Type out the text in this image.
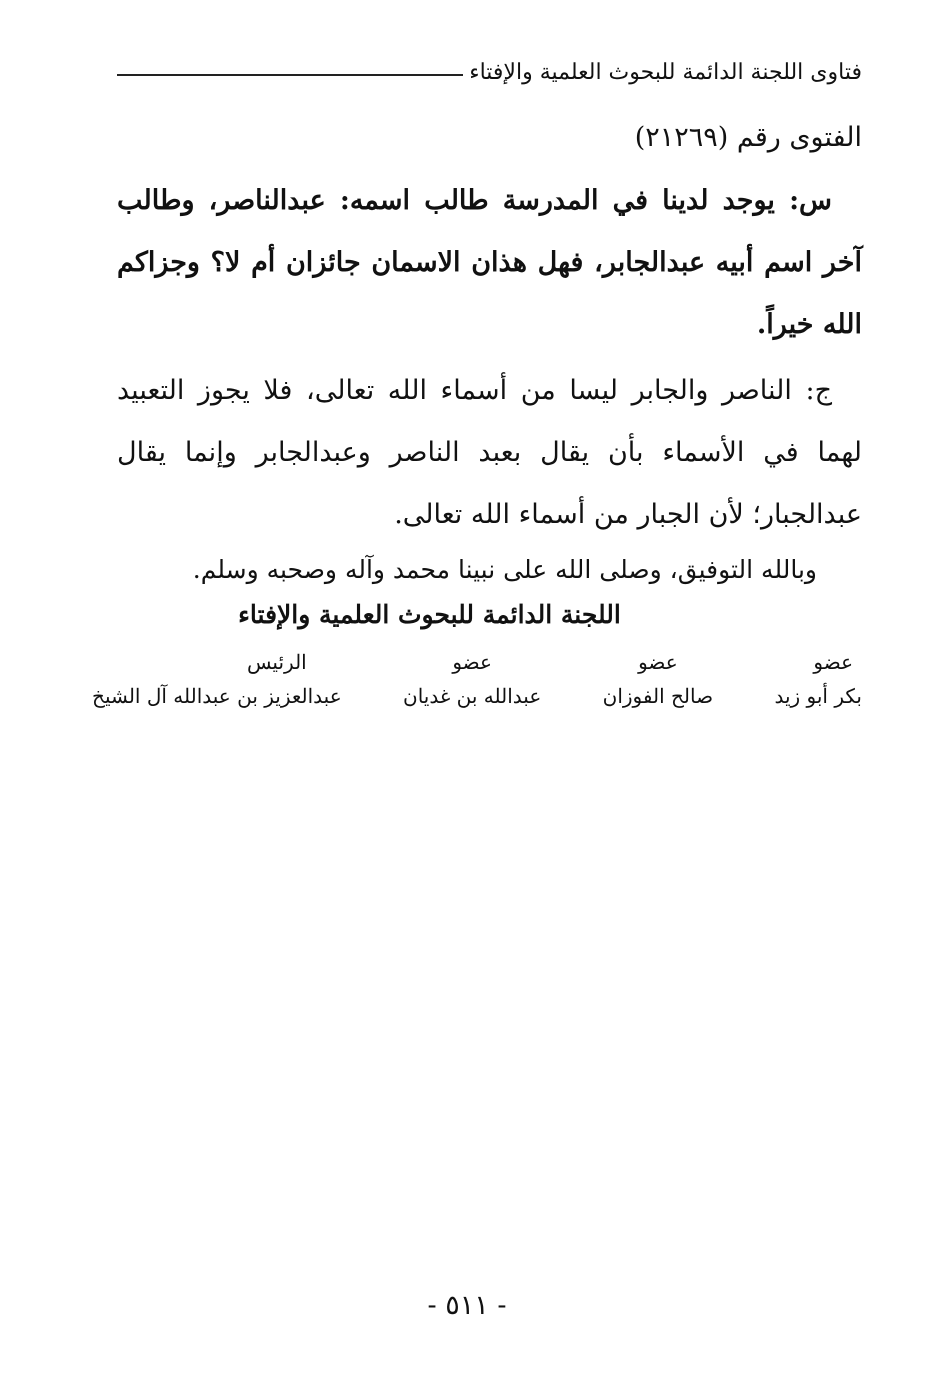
فتاوى اللجنة الدائمة للبحوث العلمية والإفتاء
الفتوى رقم (٢١٢٦٩)
س: يوجد لدينا في المدرسة طالب اسمه: عبدالناصر، وطالب آخر اسم أبيه عبدالجابر، فهل هذان الاسمان جائزان أم لا؟ وجزاكم الله خيراً.
ج: الناصر والجابر ليسا من أسماء الله تعالى، فلا يجوز التعبيد لهما في الأسماء بأن يقال بعبد الناصر وعبدالجابر وإنما يقال عبدالجبار؛ لأن الجبار من أسماء الله تعالى.
وبالله التوفيق، وصلى الله على نبينا محمد وآله وصحبه وسلم.
اللجنة الدائمة للبحوث العلمية والإفتاء
عضو
بكر أبو زيد
عضو
صالح الفوزان
عضو
عبدالله بن غديان
الرئيس
عبدالعزيز بن عبدالله آل الشيخ
- ٥١١ -
